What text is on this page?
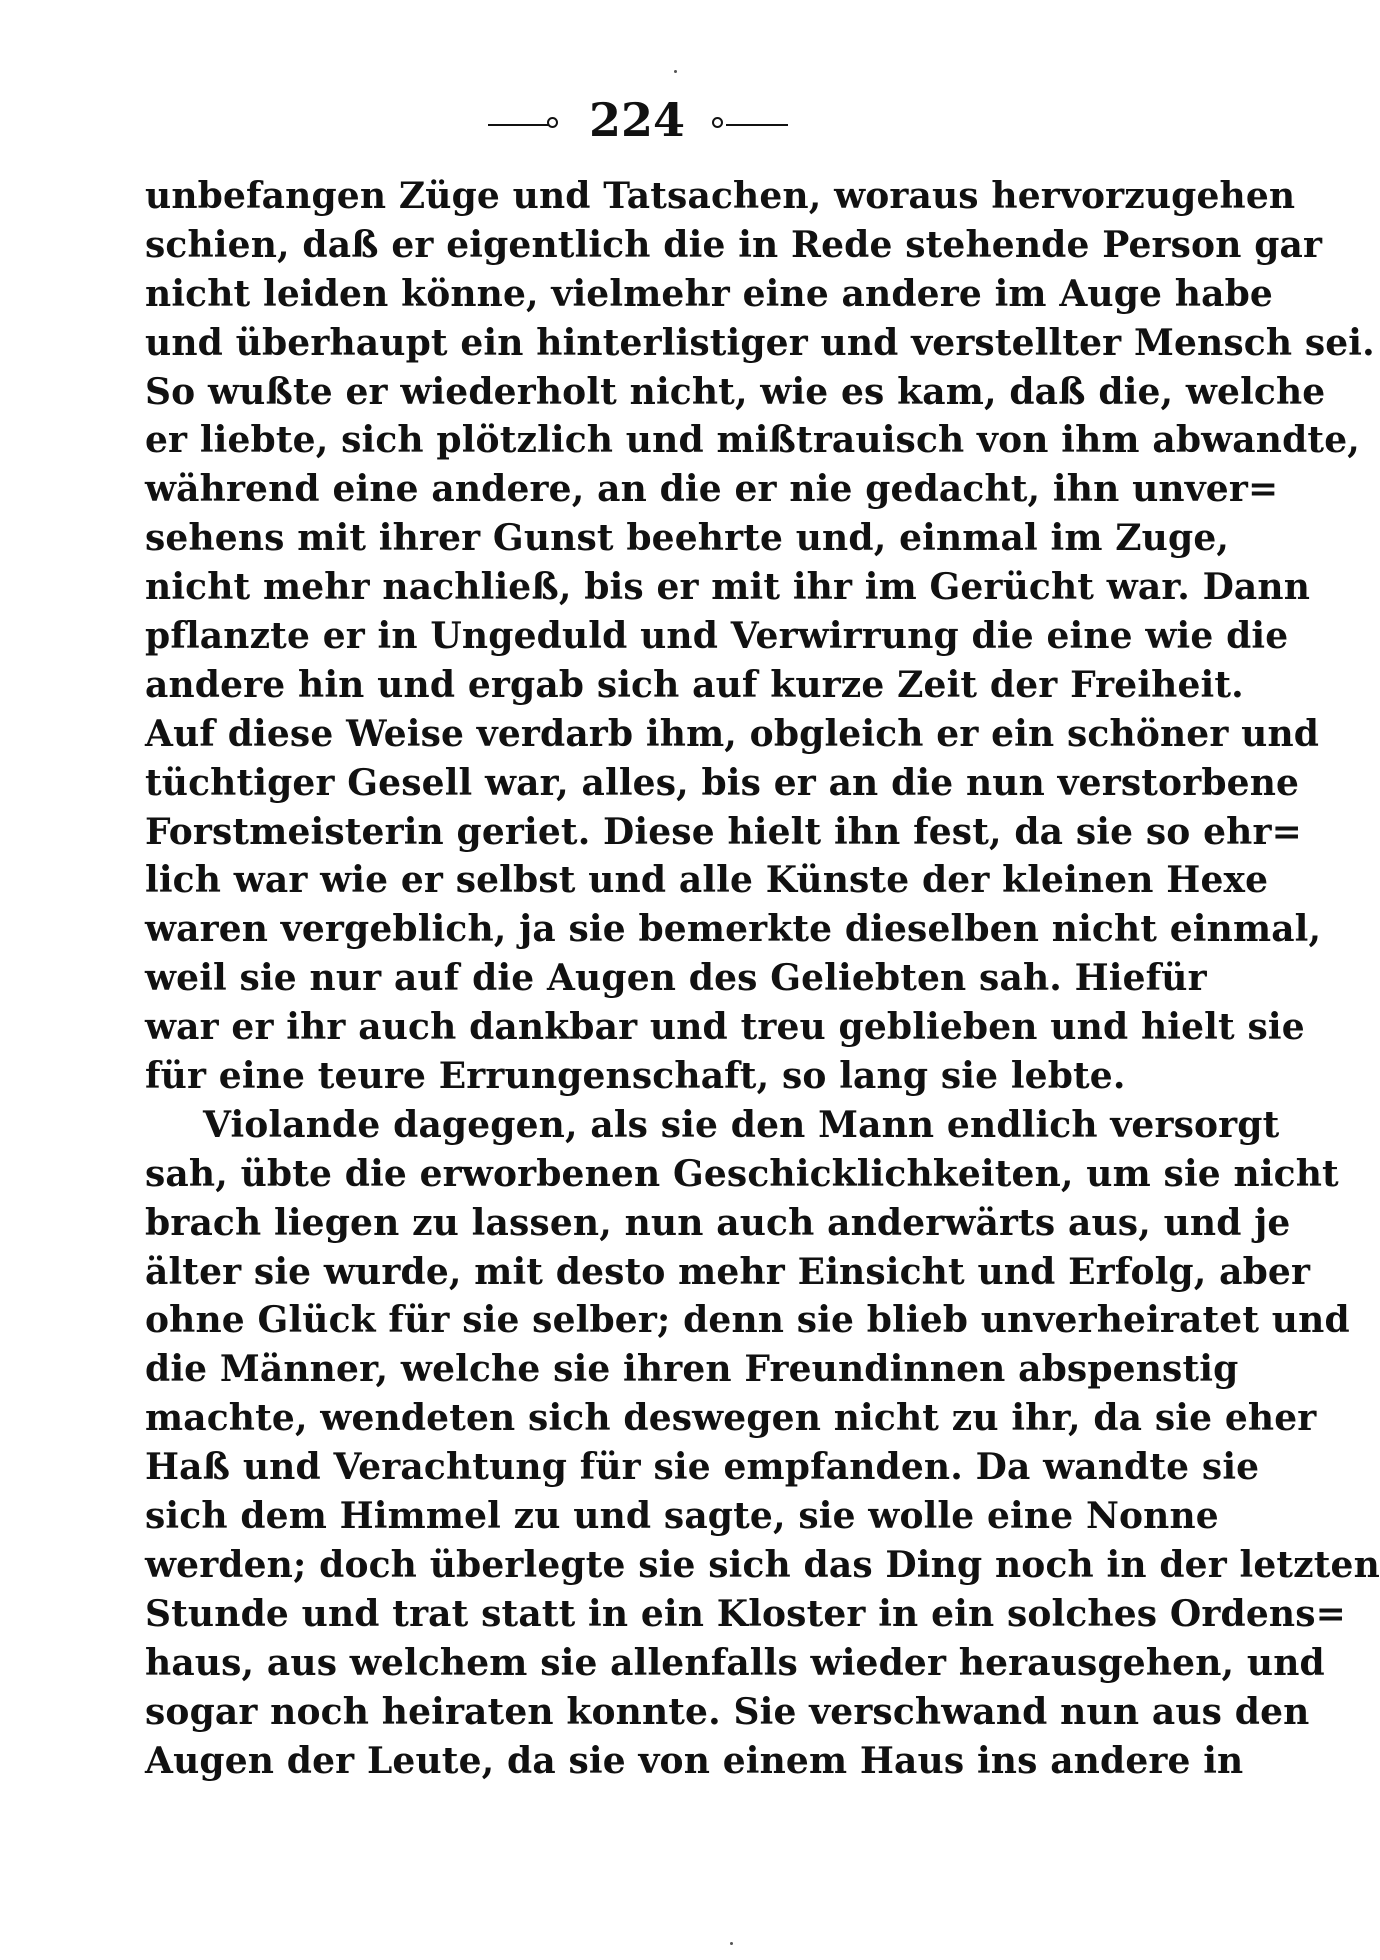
224
unbefangen Züge und Tatsachen, woraus hervorzugehen
schien, daß er eigentlich die in Rede stehende Person gar
nicht leiden könne, vielmehr eine andere im Auge habe
und überhaupt ein hinterlistiger und verstellter Mensch sei.
So wußte er wiederholt nicht, wie es kam, daß die, welche
er liebte, sich plötzlich und mißtrauisch von ihm abwandte,
während eine andere, an die er nie gedacht, ihn unver=
sehens mit ihrer Gunst beehrte und, einmal im Zuge,
nicht mehr nachließ, bis er mit ihr im Gerücht war. Dann
pflanzte er in Ungeduld und Verwirrung die eine wie die
andere hin und ergab sich auf kurze Zeit der Freiheit.
Auf diese Weise verdarb ihm, obgleich er ein schöner und
tüchtiger Gesell war, alles, bis er an die nun verstorbene
Forstmeisterin geriet. Diese hielt ihn fest, da sie so ehr=
lich war wie er selbst und alle Künste der kleinen Hexe
waren vergeblich, ja sie bemerkte dieselben nicht einmal,
weil sie nur auf die Augen des Geliebten sah. Hiefür
war er ihr auch dankbar und treu geblieben und hielt sie
für eine teure Errungenschaft, so lang sie lebte.
Violande dagegen, als sie den Mann endlich versorgt
sah, übte die erworbenen Geschicklichkeiten, um sie nicht
brach liegen zu lassen, nun auch anderwärts aus, und je
älter sie wurde, mit desto mehr Einsicht und Erfolg, aber
ohne Glück für sie selber; denn sie blieb unverheiratet und
die Männer, welche sie ihren Freundinnen abspenstig
machte, wendeten sich deswegen nicht zu ihr, da sie eher
Haß und Verachtung für sie empfanden. Da wandte sie
sich dem Himmel zu und sagte, sie wolle eine Nonne
werden; doch überlegte sie sich das Ding noch in der letzten
Stunde und trat statt in ein Kloster in ein solches Ordens=
haus, aus welchem sie allenfalls wieder herausgehen, und
sogar noch heiraten konnte. Sie verschwand nun aus den
Augen der Leute, da sie von einem Haus ins andere in
